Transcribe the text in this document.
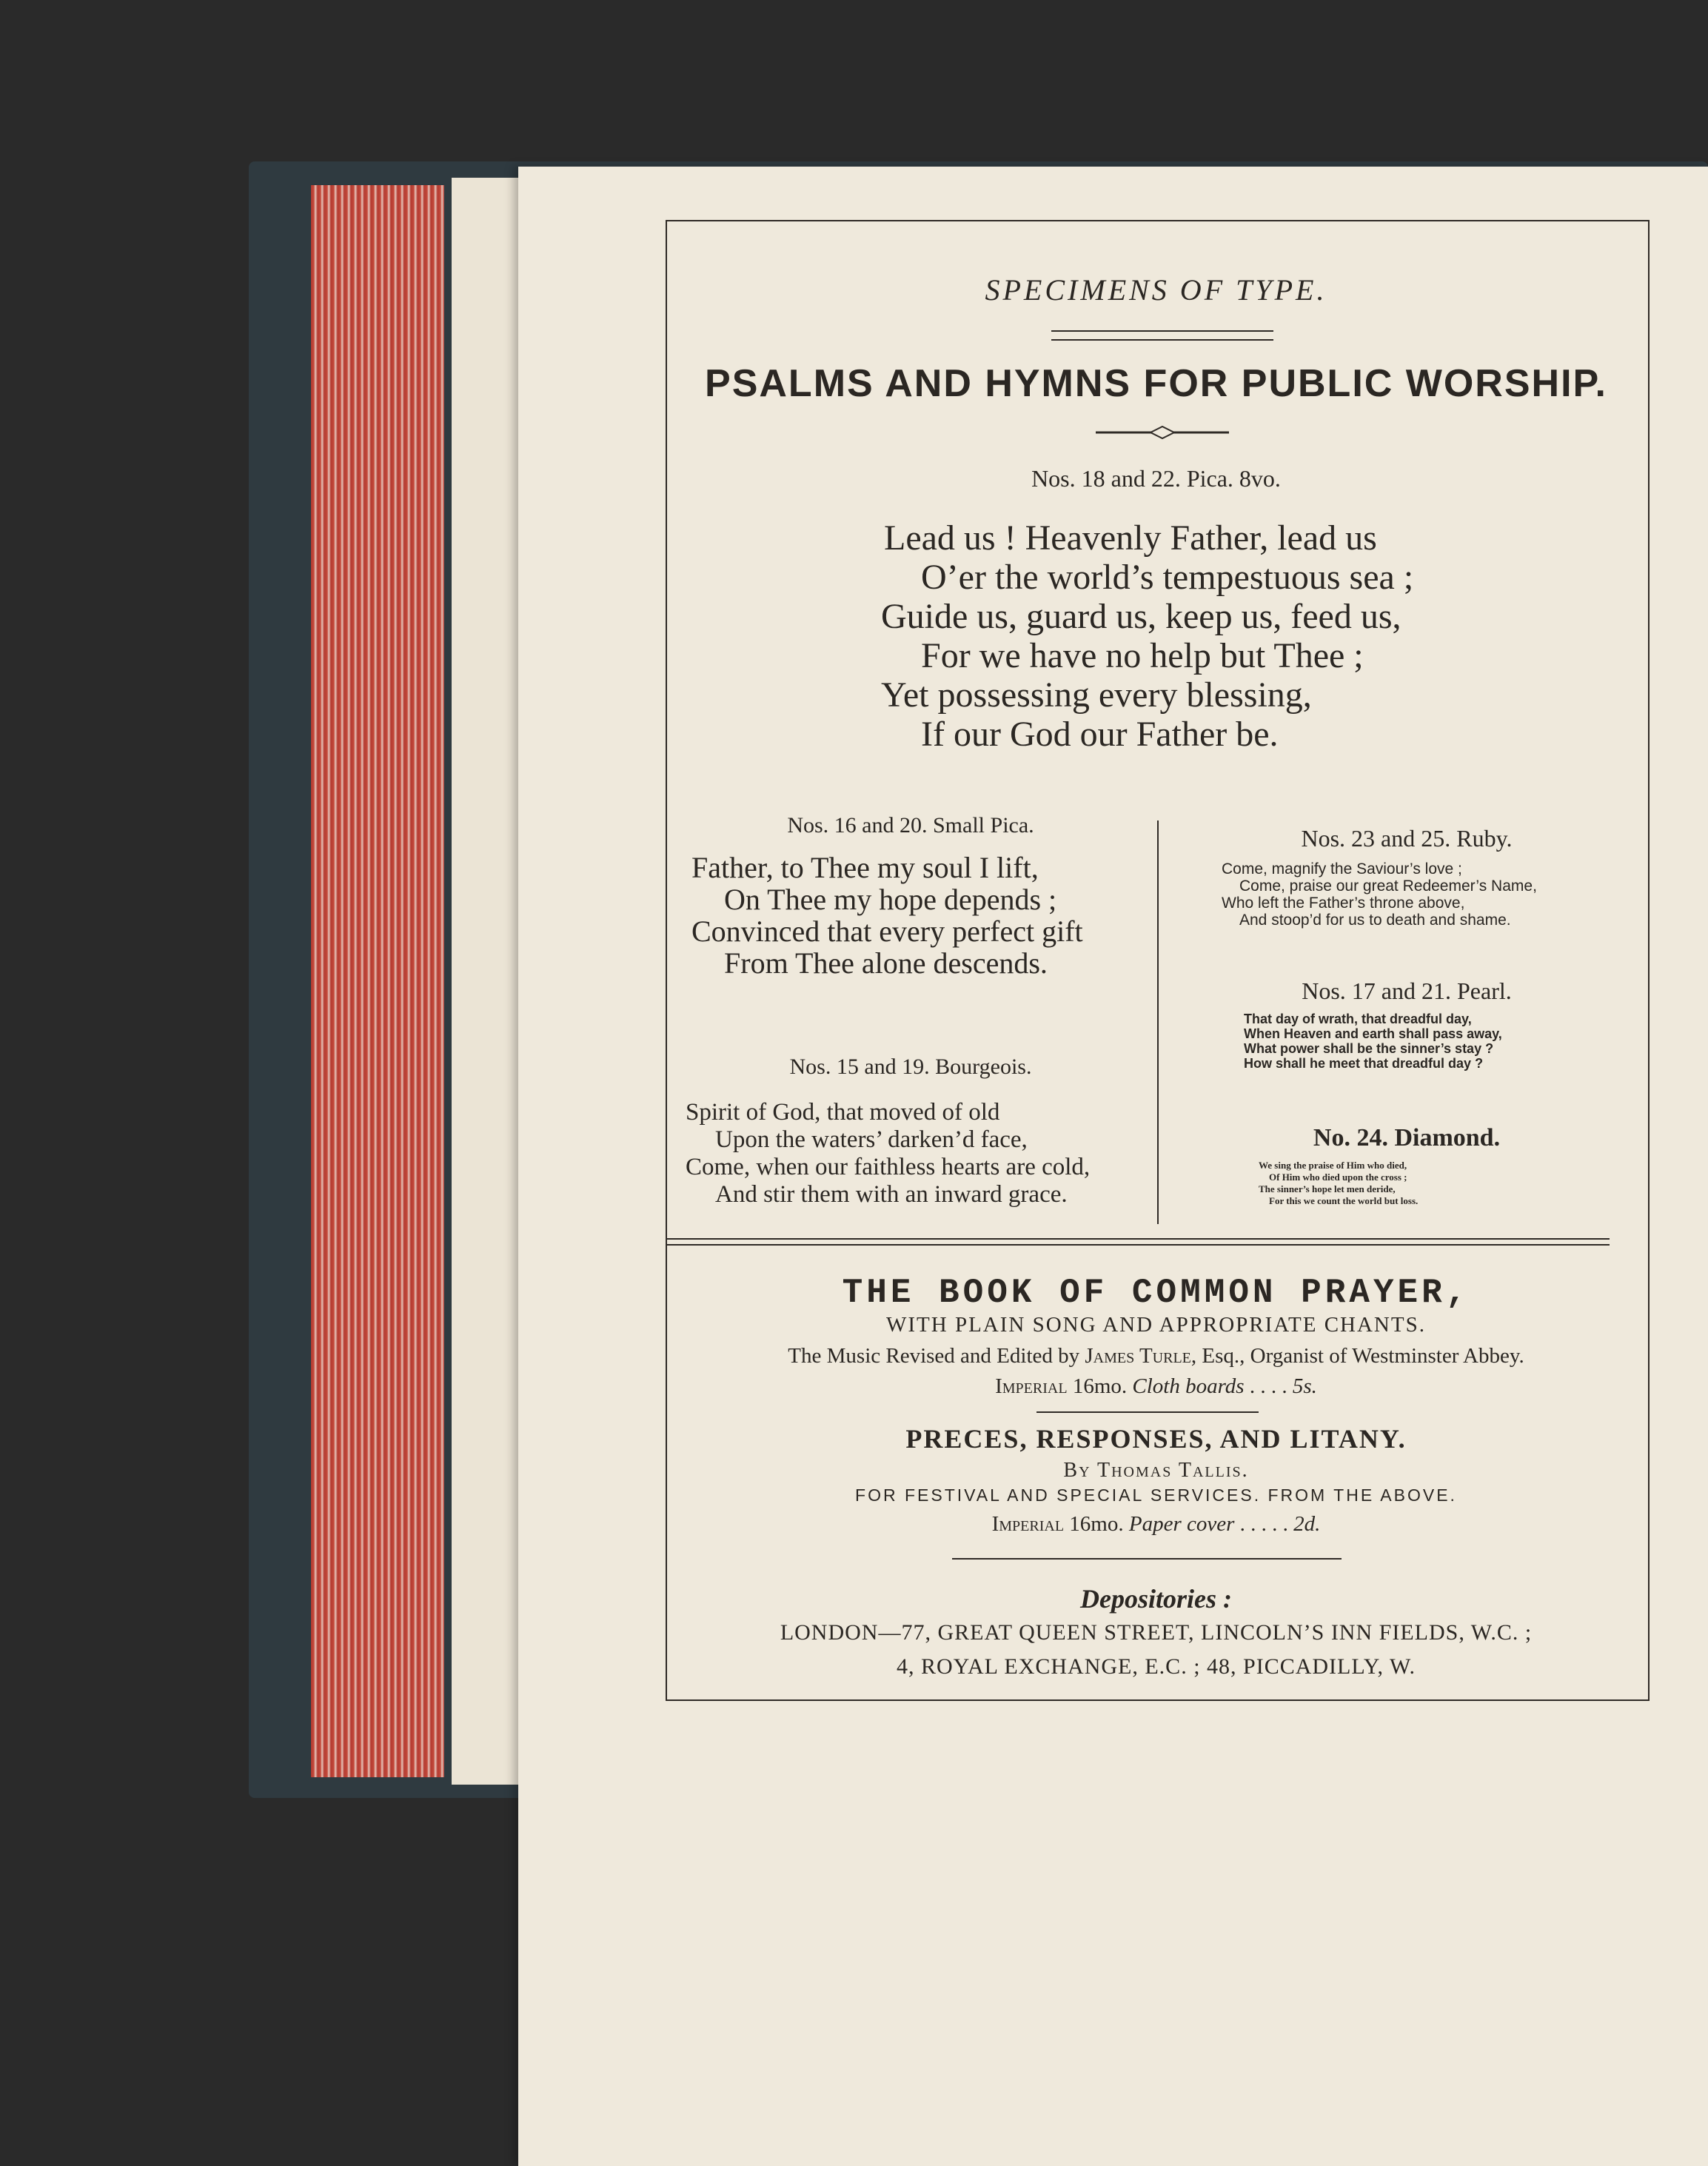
SPECIMENS OF TYPE.
PSALMS AND HYMNS FOR PUBLIC WORSHIP.
Nos. 18 and 22. Pica. 8vo.
Lead us ! Heavenly Father, lead us
O’er the world’s tempestuous sea ;
Guide us, guard us, keep us, feed us,
For we have no help but Thee ;
Yet possessing every blessing,
If our God our Father be.
Nos. 16 and 20. Small Pica.
Father, to Thee my soul I lift,
On Thee my hope depends ;
Convinced that every perfect gift
From Thee alone descends.
Nos. 15 and 19. Bourgeois.
Spirit of God, that moved of old
Upon the waters’ darken’d face,
Come, when our faithless hearts are cold,
And stir them with an inward grace.
Nos. 23 and 25. Ruby.
Come, magnify the Saviour’s love ;
Come, praise our great Redeemer’s Name,
Who left the Father’s throne above,
And stoop’d for us to death and shame.
Nos. 17 and 21. Pearl.
That day of wrath, that dreadful day,
When Heaven and earth shall pass away,
What power shall be the sinner’s stay ?
How shall he meet that dreadful day ?
No. 24. Diamond.
We sing the praise of Him who died,
Of Him who died upon the cross ;
The sinner’s hope let men deride,
For this we count the world but loss.
THE BOOK OF COMMON PRAYER,
WITH PLAIN SONG AND APPROPRIATE CHANTS.
The Music Revised and Edited by James Turle, Esq., Organist of Westminster Abbey.
Imperial 16mo. Cloth boards . . . . 5s.
PRECES, RESPONSES, AND LITANY.
By Thomas Tallis.
FOR FESTIVAL AND SPECIAL SERVICES. FROM THE ABOVE.
Imperial 16mo. Paper cover . . . . . 2d.
Depositories :
LONDON—77, GREAT QUEEN STREET, LINCOLN’S INN FIELDS, W.C. ;
4, ROYAL EXCHANGE, E.C. ; 48, PICCADILLY, W.
